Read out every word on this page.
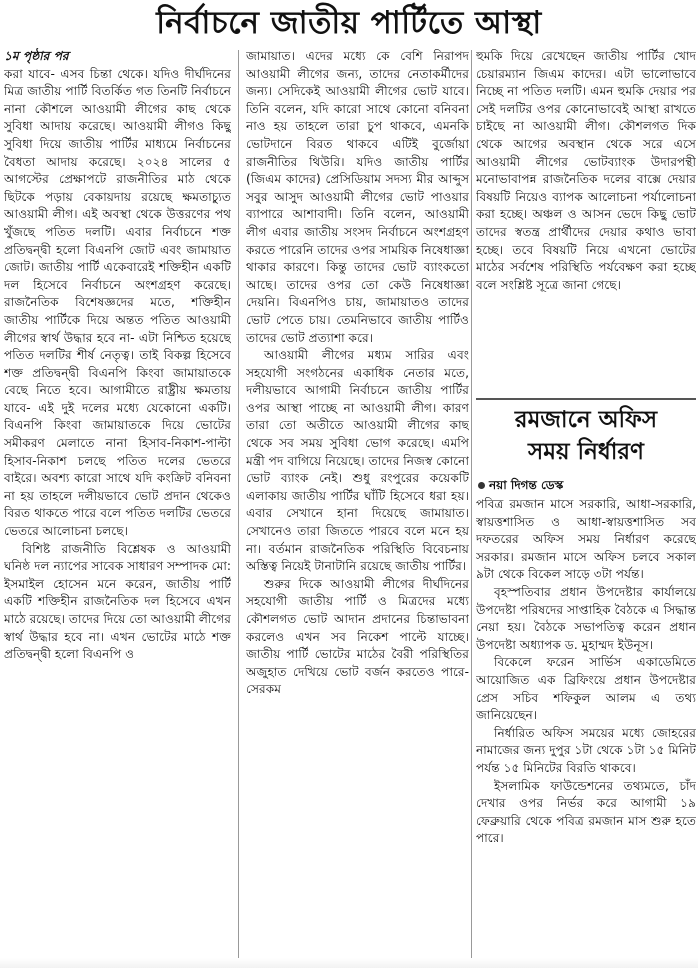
নির্বাচনে জাতীয় পার্টিতে আস্থা

১ম পৃষ্ঠার পর
করা যাবে- এসব চিন্তা থেকে। যদিও দীর্ঘদিনের মিত্র জাতীয় পার্টি বিতর্কিত গত তিনটি নির্বাচনে নানা কৌশলে আওয়ামী লীগের কাছ থেকে সুবিধা আদায় করেছে। আওয়ামী লীগও কিছু সুবিধা দিয়ে জাতীয় পার্টির মাধ্যমে নির্বাচনের বৈধতা আদায় করেছে। ২০২৪ সালের ৫ আগস্টের প্রেক্ষাপটে রাজনীতির মাঠ থেকে ছিটকে পড়ায় বেকায়দায় রয়েছে ক্ষমতাচ্যুত আওয়ামী লীগ। এই অবস্থা থেকে উত্তরণের পথ খুঁজছে পতিত দলটি। এবার নির্বাচনে শক্ত প্রতিদ্বন্দ্বী হলো বিএনপি জোট এবং জামায়াত জোট। জাতীয় পার্টি একেবারেই শক্তিহীন একটি দল হিসেবে নির্বাচনে অংশগ্রহণ করেছে। রাজনৈতিক বিশেষজ্ঞদের মতে, শক্তিহীন জাতীয় পার্টিকে দিয়ে অন্তত পতিত আওয়ামী লীগের স্বার্থ উদ্ধার হবে না- এটা নিশ্চিত হয়েছে পতিত দলটির শীর্ষ নেতৃত্ব। তাই বিকল্প হিসেবে শক্ত প্রতিদ্বন্দ্বী বিএনপি কিংবা জামায়াতকে বেছে নিতে হবে। আগামীতে রাষ্ট্রীয় ক্ষমতায় যাবে- এই দুই দলের মধ্যে যেকোনো একটি। বিএনপি কিংবা জামায়াতকে দিয়ে ভোটের সমীকরণ মেলাতে নানা হিসাব-নিকাশ-পাল্টা হিসাব-নিকাশ চলছে পতিত দলের ভেতরে বাইরে। অবশ্য কারো সাথে যদি কংক্রিট বনিবনা না হয় তাহলে দলীয়ভাবে ভোট প্রদান থেকেও বিরত থাকতে পারে বলে পতিত দলটির ভেতরে ভেতরে আলোচনা চলছে।

বিশিষ্ট রাজনীতি বিশ্লেষক ও আওয়ামী ঘনিষ্ঠ দল ন্যাপের সাবেক সাধারণ সম্পাদক মো: ইসমাইল হোসেন মনে করেন, জাতীয় পার্টি একটি শক্তিহীন রাজনৈতিক দল হিসেবে এখন মাঠে রয়েছে। তাদের দিয়ে তো আওয়ামী লীগের স্বার্থ উদ্ধার হবে না। এখন ভোটের মাঠে শক্ত প্রতিদ্বন্দ্বী হলো বিএনপি ও

জামায়াত। এদের মধ্যে কে বেশি নিরাপদ আওয়ামী লীগের জন্য, তাদের নেতাকর্মীদের জন্য। সেদিকেই আওয়ামী লীগের ভোট যাবে। তিনি বলেন, যদি কারো সাথে কোনো বনিবনা নাও হয় তাহলে তারা চুপ থাকবে, এমনকি ভোটদানে বিরত থাকবে এটিই বুর্জোয়া রাজনীতির থিউরি। যদিও জাতীয় পার্টির (জিএম কাদের) প্রেসিডিয়াম সদস্য মীর আব্দুস সবুর আসুদ আওয়ামী লীগের ভোট পাওয়ার ব্যাপারে আশাবাদী। তিনি বলেন, আওয়ামী লীগ এবার জাতীয় সংসদ নির্বাচনে অংশগ্রহণ করতে পারেনি তাদের ওপর সাময়িক নিষেধাজ্ঞা থাকার কারণে। কিন্তু তাদের ভোট ব্যাংকতো আছে। তাদের ওপর তো কেউ নিষেধাজ্ঞা দেয়নি। বিএনপিও চায়, জামায়াতও তাদের ভোট পেতে চায়। তেমনিভাবে জাতীয় পার্টিও তাদের ভোট প্রত্যাশা করে।

আওয়ামী লীগের মধ্যম সারির এবং সহযোগী সংগঠনের একাধিক নেতার মতে, দলীয়ভাবে আগামী নির্বাচনে জাতীয় পার্টির ওপর আস্থা পাচ্ছে না আওয়ামী লীগ। কারণ তারা তো অতীতে আওয়ামী লীগের কাছ থেকে সব সময় সুবিধা ভোগ করেছে। এমপি মন্ত্রী পদ বাগিয়ে নিয়েছে। তাদের নিজস্ব কোনো ভোট ব্যাংক নেই। শুধু রংপুরের কয়েকটি এলাকায় জাতীয় পার্টির ঘাঁটি হিসেবে ধরা হয়। এবার সেখানে হানা দিয়েছে জামায়াত। সেখানেও তারা জিততে পারবে বলে মনে হয় না। বর্তমান রাজনৈতিক পরিস্থিতি বিবেচনায় অস্তিত্ব নিয়েই টানাটানি রয়েছে জাতীয় পার্টির।

শুরুর দিকে আওয়ামী লীগের দীর্ঘদিনের সহযোগী জাতীয় পার্টি ও মিত্রদের মধ্যে কৌশলগত ভোট আদান প্রদানের চিন্তাভাবনা করলেও এখন সব নিকেশ পাল্টে যাচ্ছে। জাতীয় পার্টি ভোটের মাঠের বৈরী পরিস্থিতির অজুহাত দেখিয়ে ভোট বর্জন করতেও পারে- সেরকম

হুমকি দিয়ে রেখেছেন জাতীয় পার্টির খোদ চেয়ারম্যান জিএম কাদের। এটা ভালোভাবে নিচ্ছে না পতিত দলটি। এমন হুমকি দেয়ার পর সেই দলটির ওপর কোনোভাবেই আস্থা রাখতে চাইছে না আওয়ামী লীগ। কৌশলগত দিক থেকে আগের অবস্থান থেকে সরে এসে আওয়ামী লীগের ভোটব্যাংক উদারপন্থী মনোভাবাপন্ন রাজনৈতিক দলের বাক্সে দেয়ার বিষয়টি নিয়েও ব্যাপক আলোচনা পর্যালোচনা করা হচ্ছে। অঞ্চল ও আসন ভেদে কিছু ভোট তাদের স্বতন্ত্র প্রার্থীদের দেয়ার কথাও ভাবা হচ্ছে। তবে বিষয়টি নিয়ে এখনো ভোটের মাঠের সর্বশেষ পরিস্থিতি পর্যবেক্ষণ করা হচ্ছে বলে সংশ্লিষ্ট সূত্রে জানা গেছে।

রমজানে অফিস
সময় নির্ধারণ
নয়া দিগন্ত ডেস্ক

পবিত্র রমজান মাসে সরকারি, আধা-সরকারি, স্বায়ত্তশাসিত ও আধা-স্বায়ত্তশাসিত সব দফতরের অফিস সময় নির্ধারণ করেছে সরকার। রমজান মাসে অফিস চলবে সকাল ৯টা থেকে বিকেল সাড়ে ৩টা পর্যন্ত।

বৃহস্পতিবার প্রধান উপদেষ্টার কার্যালয়ে উপদেষ্টা পরিষদের সাপ্তাহিক বৈঠকে এ সিদ্ধান্ত নেয়া হয়। বৈঠকে সভাপতিত্ব করেন প্রধান উপদেষ্টা অধ্যাপক ড. মুহাম্মদ ইউনূস।

বিকেলে ফরেন সার্ভিস একাডেমিতে আয়োজিত এক ব্রিফিংয়ে প্রধান উপদেষ্টার প্রেস সচিব শফিকুল আলম এ তথ্য জানিয়েছেন।

নির্ধারিত অফিস সময়ের মধ্যে জোহরের নামাজের জন্য দুপুর ১টা থেকে ১টা ১৫ মিনিট পর্যন্ত ১৫ মিনিটের বিরতি থাকবে।

ইসলামিক ফাউন্ডেশনের তথ্যমতে, চাঁদ দেখার ওপর নির্ভর করে আগামী ১৯ ফেব্রুয়ারি থেকে পবিত্র রমজান মাস শুরু হতে পারে।
